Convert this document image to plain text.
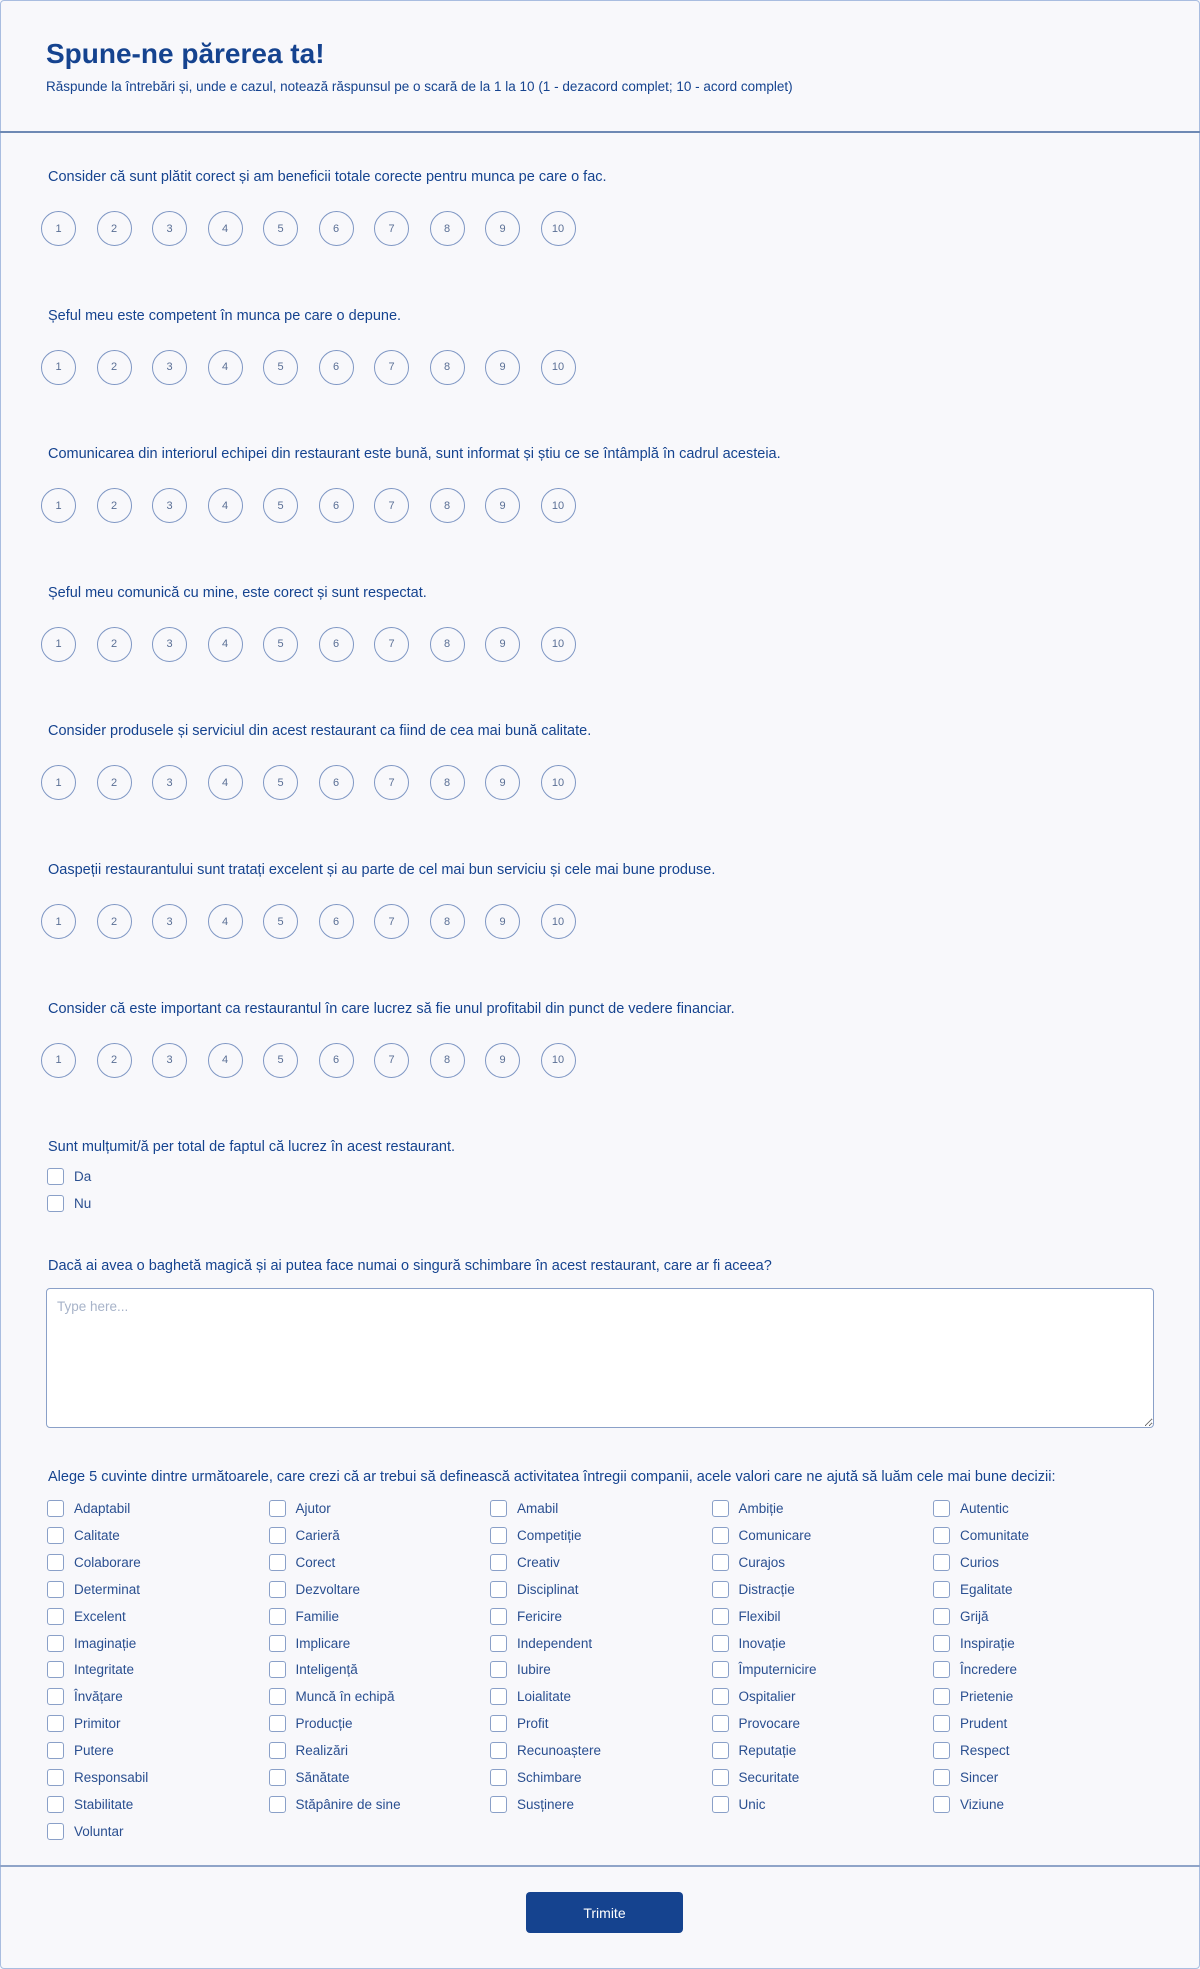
Spune-ne părerea ta!
Răspunde la întrebări și, unde e cazul, notează răspunsul pe o scară de la 1 la 10 (1 - dezacord complet; 10 - acord complet)
Consider că sunt plătit corect și am beneficii totale corecte pentru munca pe care o fac.
1	2	3	4	5	6	7	8	9	10
Șeful meu este competent în munca pe care o depune.
1	2	3	4	5	6	7	8	9	10
Comunicarea din interiorul echipei din restaurant este bună, sunt informat și știu ce se întâmplă în cadrul acesteia.
1	2	3	4	5	6	7	8	9	10
Șeful meu comunică cu mine, este corect și sunt respectat.
1	2	3	4	5	6	7	8	9	10
Consider produsele și serviciul din acest restaurant ca fiind de cea mai bună calitate.
1	2	3	4	5	6	7	8	9	10
Oaspeții restaurantului sunt tratați excelent și au parte de cel mai bun serviciu și cele mai bune produse.
1	2	3	4	5	6	7	8	9	10
Consider că este important ca restaurantul în care lucrez să fie unul profitabil din punct de vedere financiar.
1	2	3	4	5	6	7	8	9	10
Sunt mulțumit/ă per total de faptul că lucrez în acest restaurant.
Da
Nu
Dacă ai avea o baghetă magică și ai putea face numai o singură schimbare în acest restaurant, care ar fi aceea?
Type here...
Alege 5 cuvinte dintre următoarele, care crezi că ar trebui să definească activitatea întregii companii, acele valori care ne ajută să luăm cele mai bune decizii:
Adaptabil	Ajutor	Amabil	Ambiție	Autentic
Calitate	Carieră	Competiție	Comunicare	Comunitate
Colaborare	Corect	Creativ	Curajos	Curios
Determinat	Dezvoltare	Disciplinat	Distracție	Egalitate
Excelent	Familie	Fericire	Flexibil	Grijă
Imaginație	Implicare	Independent	Inovație	Inspirație
Integritate	Inteligență	Iubire	Împuternicire	Încredere
Învățare	Muncă în echipă	Loialitate	Ospitalier	Prietenie
Primitor	Producție	Profit	Provocare	Prudent
Putere	Realizări	Recunoaștere	Reputație	Respect
Responsabil	Sănătate	Schimbare	Securitate	Sincer
Stabilitate	Stăpânire de sine	Susținere	Unic	Viziune
Voluntar
Trimite
